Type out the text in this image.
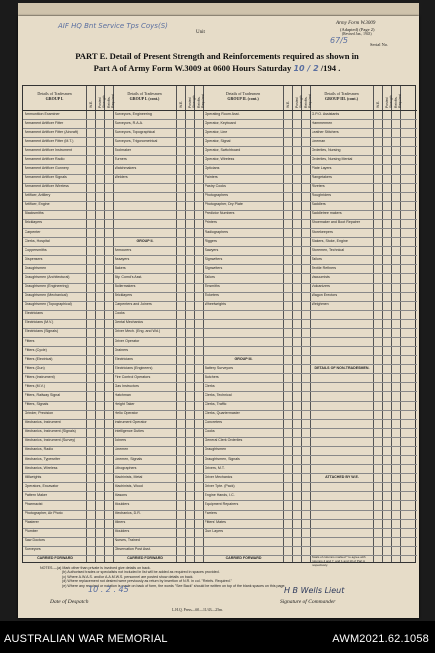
AIF HQ Bnt Service Tps Coys(S)
Unit
Army Form W.3009
(Adapted) (Page 2)
(Revised Jan., 1943)
67/5	Serial No.
PART E. Detail of Present Strength and Reinforcements required as shown in
Part A of Army Form W.3009 at 0600 Hours Saturday 10 / 2 /194 .
Details of Tradesmen
GROUP I.
W.E. Posted Strength Reinfts. Required
Ammunition Examiner
Armament Artificer Fitter
Armament Artificer Fitter (Aircraft)
Armament Artificer Fitter (M.T.)
Armament Artificer Instrument
Armament Artificer Radio
Armament Artificer Gunnery
Armament Artificer Signals
Armament Artificer Wireless
Artificer, Artillery
Artificer, Engine
Blacksmiths
Bricklayers
Carpenter
Clerks, Hospital
Coppersmiths
Dispensers
Draughtsmen
Draughtsmen (Architectural)
Draughtsmen (Engineering)
Draughtsmen (Mechanical)
Draughtsmen (Topographical)
Electricians
Electricians (M.V.)
Electricians (Signals)
Fitters
Fitters (Cycle)
Fitters (Electrical)
Fitters (Gun)
Fitters (Instrument)
Fitters (M.V.)
Fitters, Railway Signal
Fitters, Signals
Grinder, Precision
Mechanics, Instrument
Mechanics, Instrument (Signals)
Mechanics, Instrument (Survey)
Mechanics, Radio
Mechanics, Typewriter
Mechanics, Wireless
Millwrights
Operators, Excavator
Pattern Maker
Pharmacist
Photographer, Air Photo
Plasterer
Plumber
Saw Doctors
Surveyors
CARRIED FORWARD
Details of Tradesmen
GROUP I. (cont.)
W.E. Posted Strength Reinfts. Required
Surveyors, Engineering
Surveyors, R.A.A.
Surveyors, Topographical
Surveyors, Trigonometrical
Toolmaker
Turners
Watchmakers
Welders
GROUP II.
Armourers
Assayers
Bakers
Bty. Comd's Asst.
Boilermakers
Bricklayers
Carpenters and Joiners
Cooks
Dental Mechanics
Driver Mech. (Eng. and Wd.)
Driver Operator
Drainers
Electricians
Electricians (Engineers)
Fire Control Operators
Gas Instructors
Hatchman
Height Taker
Helio Operator
Instrument Operator
Intelligence Duties
Joiners
Linemen
Linemen, Signals
Lithographers
Machinists, Metal
Machinists, Wood
Masons
Moulders
Mechanics, D.R.
Miners
Moulders
Nurses, Trained
Observation Post Asst.
CARRIED FORWARD
Details of Tradesmen
GROUP II. (cont.)
W.E. Posted Strength Reinfts. Required
Operating Room Asst.
Operator, Keyboard
Operator, Line
Operator, Signal
Operator, Switchboard
Operator, Wireless
Opticians
Painters
Pastry Cooks
Photographers
Photographer, Dry Plate
Predictor Numbers
Printers
Radiographers
Riggers
Sawyers
Signwriters
Signwriters
Tailors
Tinsmiths
Ticketers
Wheelwrights
GROUP III.
Battery Surveyors
Butchers
Clerks
Clerks, Technical
Clerks, Traffic
Clerks, Quartermaster
Concreters
Cooks
General Clerk Orderlies
Draughtsmen
Draughtsmen, Signals
Drivers, M.T.
Driver Mechanics
Driver Tpte. (Pack)
Engine Hands, I.C.
Equipment Repairers
Farriers
Fitters' Mates
Gun Layers
CARRIED FORWARD
Details of Tradesmen
GROUP III. (cont.)
W.E. Posted Strength Reinfts. Required
G.P.O. Assistants
Hammermen
Leather Stitchers
Lineman
Orderlies, Nursing
Orderlies, Nursing Mental
Plate Layers
Rangetakers
Riveters
Roughriders
Saddlers
Saddletree makers
Shoemaker and Boot Repairer
Storekeepers
Slakers, Stoke, Engine
Storemen, Technical
Tailors
Textile Refiners
Vacuumists
Vulcanizers
Wagon Erectors
Weighmen
DETAILS OF NON-TRADESMEN.
ATTACHED BY W.E.
Totals of columns marked * to agree with columns 4 and 7, and 1 and 10 of Part A respectively.
NOTES.—(a) Mark other than private is involved give details on back.
(b) Authorised trades or specialists not included in list will be added as required in spaces provided.
(c) Where A.W.A.S. and/or A.A.M.W.S. personnel are posted show details on back.
(d) Where replacement not desired were previously as return by insertion of N.R. in col. "Reinfs. Required."
(e) Where any required or notation is made on back of form, the words "See Back" should be written on top of the blank spaces on this page.
10 . 2 . 45
Date of Despatch
H B Wells Lieut
Signature of Commander
L.H.Q. Press—60—11/43—25m.
AUSTRALIAN WAR MEMORIAL	AWM2021.62.1058
